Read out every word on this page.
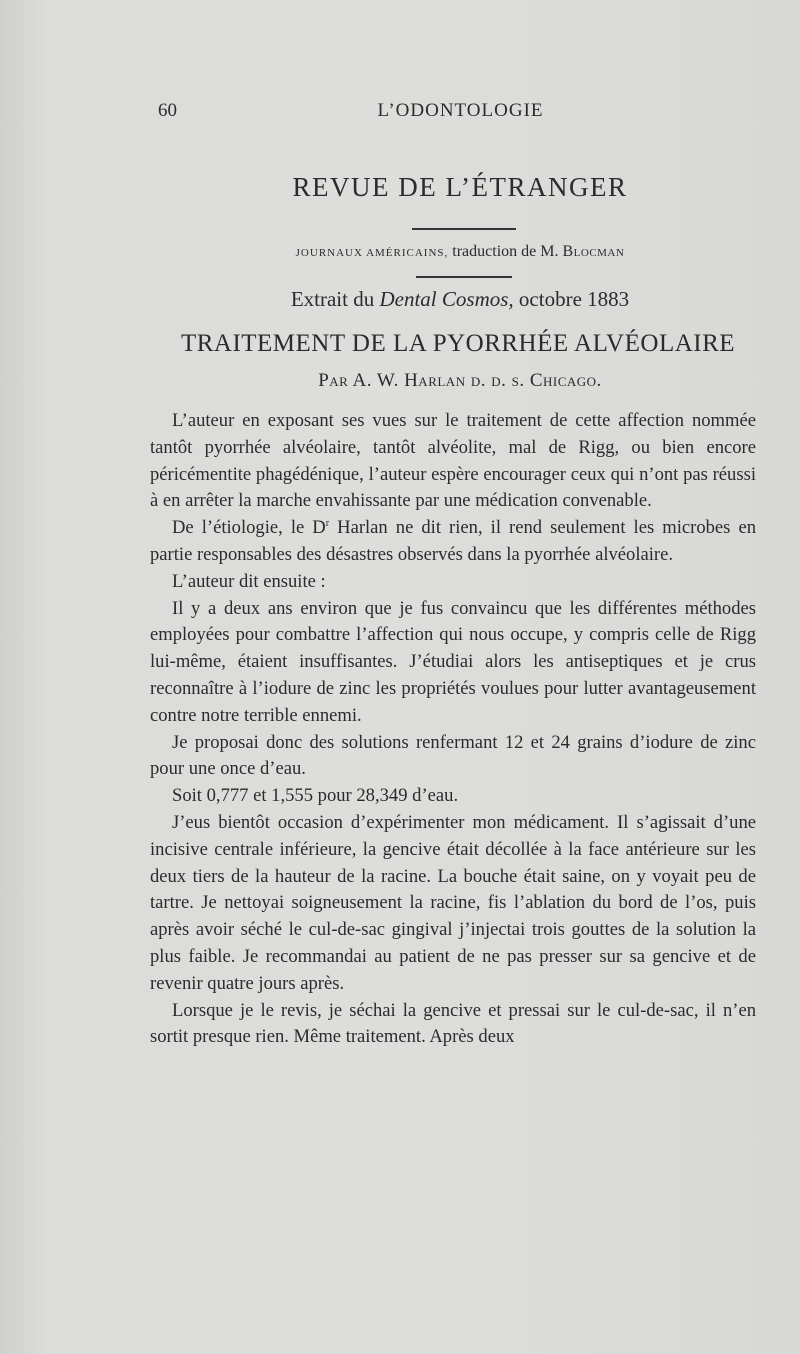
60	L’ODONTOLOGIE
REVUE DE L’ÉTRANGER
JOURNAUX AMÉRICAINS, traduction de M. Blocman
Extrait du Dental Cosmos, octobre 1883
TRAITEMENT DE LA PYORRHÉE ALVÉOLAIRE
Par A. W. Harlan d. d. s. Chicago.

L’auteur en exposant ses vues sur le traitement de cette affection nommée tantôt pyorrhée alvéolaire, tantôt alvéolite, mal de Rigg, ou bien encore péricémentite phagédénique, l’auteur espère encourager ceux qui n’ont pas réussi à en arrêter la marche envahissante par une médication convenable.

De l’étiologie, le $D^r$ Harlan ne dit rien, il rend seulement les microbes en partie responsables des désastres observés dans la pyorrhée alvéolaire.

L’auteur dit ensuite :

Il y a deux ans environ que je fus convaincu que les différentes méthodes employées pour combattre l’affection qui nous occupe, y compris celle de Rigg lui-même, étaient insuffisantes. J’étudiai alors les antiseptiques et je crus reconnaître à l’iodure de zinc les propriétés voulues pour lutter avantageusement contre notre terrible ennemi.

Je proposai donc des solutions renfermant 12 et 24 grains d’iodure de zinc pour une once d’eau.

Soit 0,777 et 1,555 pour 28,349 d’eau.

J’eus bientôt occasion d’expérimenter mon médicament. Il s’agissait d’une incisive centrale inférieure, la gencive était décollée à la face antérieure sur les deux tiers de la hauteur de la racine. La bouche était saine, on y voyait peu de tartre. Je nettoyai soigneusement la racine, fis l’ablation du bord de l’os, puis après avoir séché le cul-de-sac gingival j’injectai trois gouttes de la solution la plus faible. Je recommandai au patient de ne pas presser sur sa gencive et de revenir quatre jours après.

Lorsque je le revis, je séchai la gencive et pressai sur le cul-de-sac, il n’en sortit presque rien. Même traitement. Après deux
